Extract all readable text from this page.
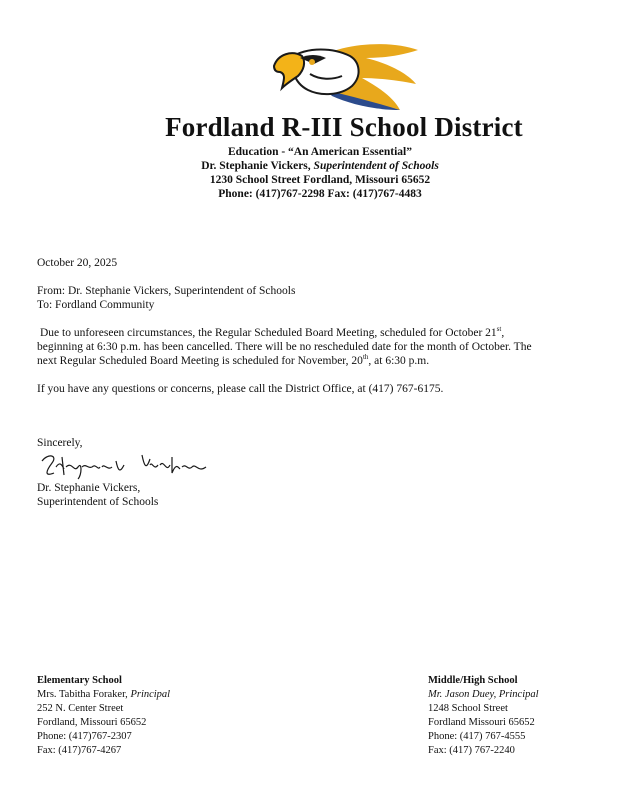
Fordland R-III School District
Education - “An American Essential”
Dr. Stephanie Vickers, Superintendent of Schools
1230 School Street Fordland, Missouri 65652
Phone: (417)767-2298 Fax: (417)767-4483
October 20, 2025
From: Dr. Stephanie Vickers, Superintendent of Schools
To: Fordland Community
Due to unforeseen circumstances, the Regular Scheduled Board Meeting, scheduled for October 21st,
beginning at 6:30 p.m. has been cancelled. There will be no rescheduled date for the month of October. The
next Regular Scheduled Board Meeting is scheduled for November, 20th, at 6:30 p.m.
If you have any questions or concerns, please call the District Office, at (417) 767-6175.
Sincerely,
Dr. Stephanie Vickers,
Superintendent of Schools
Elementary School
Mrs. Tabitha Foraker, Principal
252 N. Center Street
Fordland, Missouri 65652
Phone: (417)767-2307
Fax: (417)767-4267
Middle/High School
Mr. Jason Duey, Principal
1248 School Street
Fordland Missouri 65652
Phone: (417) 767-4555
Fax: (417) 767-2240
